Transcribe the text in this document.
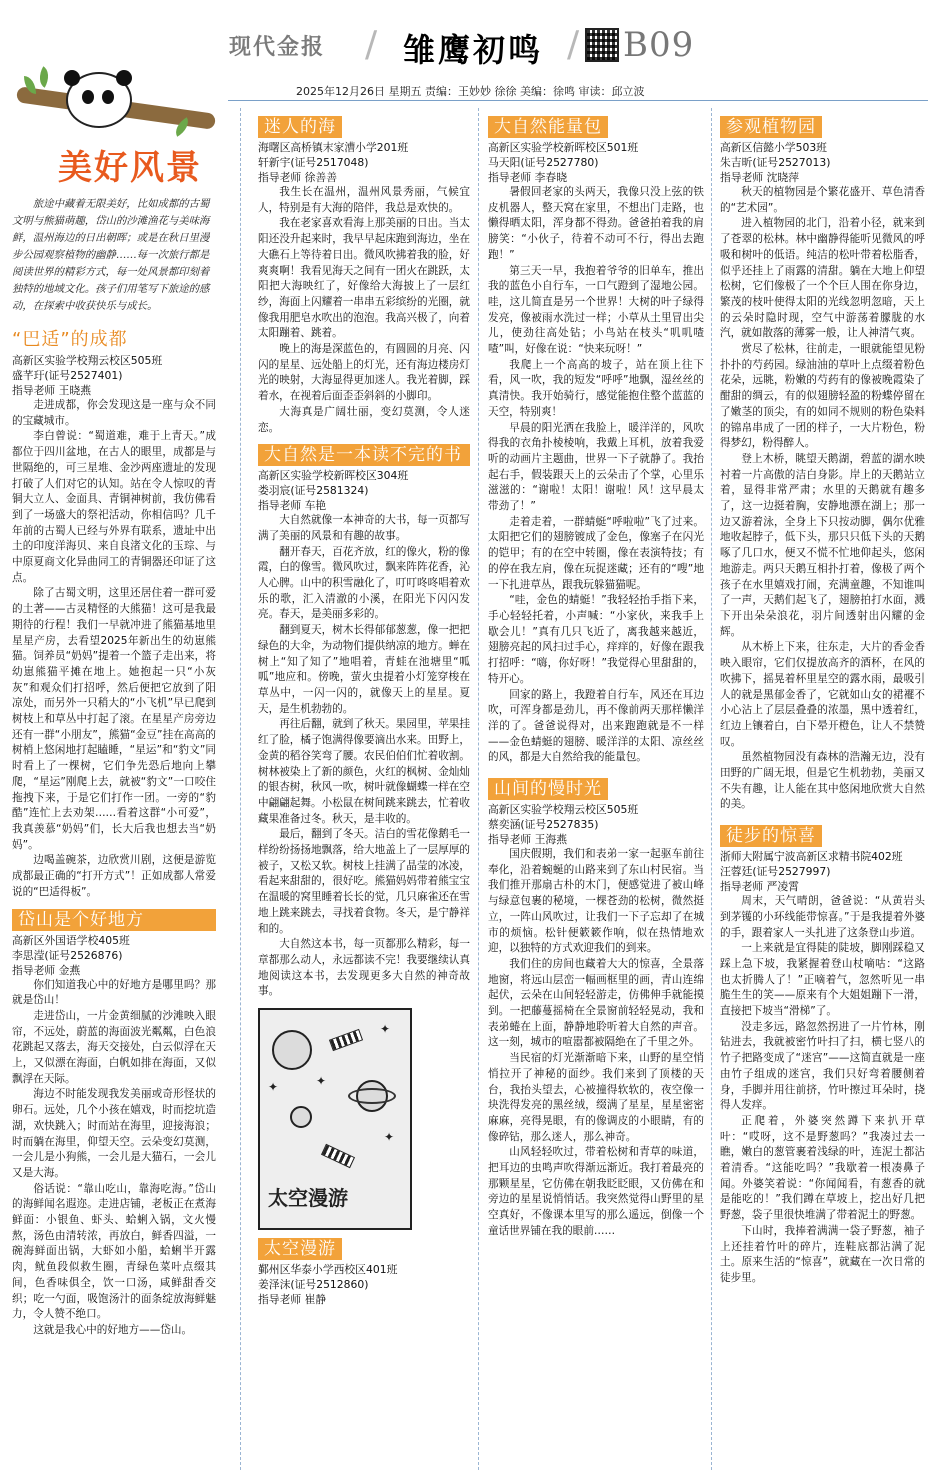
现代金报 / 雏鹰初鸣 / B09
2025年12月26日 星期五 责编：王妙妙 徐徐 美编：徐鸣 审读：邱立波
美好风景

旅途中藏着无限美好，比如成都的古蜀文明与熊猫萌趣，岱山的沙滩渔花与美味海鲜，温州海边的日出朝晖；或是在秋日里漫步公园观察植物的幽静……每一次旅行都是阅读世界的精彩方式，每一处风景都印刻着独特的地域文化。孩子们用笔写下旅途的感动，在探索中收获快乐与成长。

“巴适”的成都
高新区实验学校翔云校区505班
盛芊玗(证号2527401)
指导老师 王晓燕

走进成都，你会发现这是一座与众不同的宝藏城市。

李白曾说：“蜀道难，难于上青天。”成都位于四川盆地，在古人的眼里，成都是与世隔绝的，可三星堆、金沙两座遗址的发现打破了人们对它的认知。站在令人惊叹的青铜大立人、金面具、青铜神树前，我仿佛看到了一场盛大的祭祀活动，你相信吗？几千年前的古蜀人已经与外界有联系，遗址中出土的印度洋海贝、来自良渚文化的玉琮、与中原夏商文化异曲同工的青铜器还印证了这点。

除了古蜀文明，这里还居住着一群可爱的土著——古灵精怪的大熊猫！这可是我最期待的行程！我们一早就冲进了熊猫基地里星星产房，去看望2025年新出生的幼崽熊猫。饲养员“奶妈”提着一个篮子走出来，将幼崽熊猫平摊在地上。她抱起一只“小灰灰”和观众们打招呼，然后便把它放到了阳凉处，而另外一只稍大的“小飞机”早已爬到树枝上和草丛中打起了滚。在星星产房旁边还有一群“小朋友”，熊猫“金豆”挂在高高的树梢上悠闲地打起瞌睡，“星运”和“豹文”同时看上了一棵树，它们争先恐后地向上攀爬，“星运”刚爬上去，就被“豹文”一口咬住拖拽下来，于是它们打作一团。一旁的“豹酷”连忙上去劝架……看着这群“小可爱”，我真羡慕“奶妈”们，长大后我也想去当“奶妈”。

边喝盖碗茶，边欣赏川剧，这便是游览成都最正确的“打开方式”！正如成都人常爱说的“巴适得板”。

岱山是个好地方
高新区外国语学校405班
李思滢(证号2526876)
指导老师 金燕

你们知道我心中的好地方是哪里吗？那就是岱山！

走进岱山，一片金黄细腻的沙滩映入眼帘，不远处，蔚蓝的海面波光粼粼，白色浪花跳起又落去，海天交接处，白云似浮在天上，又似漂在海面，白帆如排在海面，又似飘浮在天际。

海边不时能发现我发美丽或奇形怪状的卵石。远处，几个小孩在嬉戏，时而挖坑造湖，欢快跳入；时而站在海里，迎接海浪；时而躺在海里，仰望天空。云朵变幻莫测，一会儿是小狗熊，一会儿是大猫石，一会儿又是大海。

俗话说：“靠山吃山，靠海吃海。”岱山的海鲜闻名遐迩。走进店铺，老板正在煮海鲜面：小银鱼、虾头、蛤蜊入锅，文火慢熬，汤色由清转浓，再放白，鲜香四溢，一碗海鲜面出锅，大虾如小船，蛤蜊半开露肉，鱿鱼段似救生圈，青绿色菜叶点缀其间，色香味俱全，饮一口汤，咸鲜甜香交织；吃一勺面，吸饱汤汁的面条绽放海鲜魅力，令人赞不绝口。

这就是我心中的好地方——岱山。

迷人的海
海曙区高桥镇末家漕小学201班
轩新宇(证号2517048)
指导老师 徐善善

我生长在温州，温州风景秀丽，气候宜人，特别是有大海的陪伴，我总是欢快的。

我在老家喜欢看海上那美丽的日出。当太阳还没升起来时，我早早起床跑到海边，坐在大礁石上等待着日出。微风吹拂着我的脸，好爽爽啊！我看见海天之间有一团火在跳跃，太阳把大海映红了，好像给大海披上了一层红纱，海面上闪耀着一串串五彩缤纷的光圈，就像我用肥皂水吹出的泡泡。我高兴极了，向着太阳蹦着、跳着。

晚上的海是深蓝色的，有圆圆的月亮、闪闪的星星、远处船上的灯光，还有海边楼房灯光的映射，大海显得更加迷人。我光着脚，踩着水，在视着后面歪歪斜斜的小脚印。

大海真是广阔壮丽，变幻莫测，令人迷恋。

大自然是一本读不完的书
高新区实验学校新晖校区304班
娄羽宸(证号2581324)
指导老师 车艳

大自然就像一本神奇的大书，每一页都写满了美丽的风景和有趣的故事。

翻开春天，百花齐放，红的像火，粉的像霞，白的像雪。微风吹过，飘来阵阵花香，沁人心脾。山中的积雪融化了，叮叮咚咚唱着欢乐的歌，汇入清澈的小溪，在阳光下闪闪发亮。春天，是美丽多彩的。

翻到夏天，树木长得郁郁葱葱，像一把把绿色的大伞，为动物们提供纳凉的地方。蝉在树上“知了知了”地唱着，青蛙在池塘里“呱呱”地应和。傍晚，萤火虫提着小灯笼穿梭在草丛中，一闪一闪的，就像天上的星星。夏天，是生机勃勃的。

再往后翻，就到了秋天。果园里，苹果挂红了脸，橘子饱满得像要滴出水来。田野上，金黄的稻谷笑弯了腰。农民伯伯们忙着收割。树林被染上了新的颜色，火红的枫树、金灿灿的银杏树，秋风一吹，树叶就像蝴蝶一样在空中翩翩起舞。小松鼠在树间跳来跳去，忙着收藏果准备过冬。秋天，是丰收的。

最后，翻到了冬天。洁白的雪花像鹅毛一样纷纷扬扬地飘落，给大地盖上了一层厚厚的被子，又松又软。树枝上挂满了晶莹的冰凌，看起来甜甜的，很好吃。熊猫妈妈带着熊宝宝在温暖的窝里睡着长长的觉，几只麻雀还在雪地上跳来跳去，寻找着食物。冬天，是宁静祥和的。

大自然这本书，每一页都那么精彩，每一章都那么动人，永远都读不完！我要继续认真地阅读这本书，去发现更多大自然的神奇故事。

✦
✦
✦
✦
太空漫游
太空漫游
鄞州区华泰小学西校区401班
姜泽沫(证号2512860)
指导老师 崔静
大自然能量包
高新区实验学校新晖校区501班
马天阳(证号2527780)
指导老师 李春晓

暑假回老家的头两天，我像只没上弦的铁皮机器人，整天窝在家里，不想出门走路，也懒得晒太阳，浑身都不得劲。爸爸拍着我的肩膀笑：“小伙子，待着不动可不行，得出去跑跑！”

第三天一早，我抱着爷爷的旧单车，推出我的蓝色小自行车，一口气蹬到了湿地公园。哇，这儿简直是另一个世界！大树的叶子绿得发亮，像被雨水洗过一样；小草从土里冒出尖儿，使劲往高处钻；小鸟站在枝头“叽叽喳喳”叫，好像在说：“快来玩呀！”

我爬上一个高高的坡子，站在顶上往下看，风一吹，我的短发“呼呼”地飘，湿丝丝的真清快。我开始骑行，感觉能抱住整个蓝蓝的天空，特别爽！

早晨的阳光洒在我脸上，暖洋洋的，风吹得我的衣角扑棱棱响，我戴上耳机，放着我爱听的动画片主题曲，世界一下子就静了。我抬起右手，假装跟天上的云朵击了个掌，心里乐滋滋的：“谢啦！太阳！谢啦！风！这早晨太带劲了！”

走着走着，一群蜻蜓“呼啦啦”飞了过来。太阳把它们的翅膀镀成了金色，像塞子在闪光的铠甲；有的在空中转圈，像在表演特技；有的停在我左肩，像在玩捉迷藏；还有的“嗖”地一下扎进草丛，跟我玩躲猫猫呢。

“哇，金色的蜻蜓！”我轻轻抬手指下来，手心轻轻托着，小声喊：“小家伙，来我手上歇会儿！”真有几只飞近了，离我越来越近，翅膀亮起的风扫过手心，痒痒的，好像在跟我打招呼：“嗨，你好呀！”我觉得心里甜甜的，特开心。

回家的路上，我蹬着自行车，风还在耳边吹，可浑身都是劲儿，再不像前两天那样懒洋洋的了。爸爸说得对，出来跑跑就是不一样——金色蜻蜓的翅膀、暖洋洋的太阳、凉丝丝的风，都是大自然给我的能量包。

山间的慢时光
高新区实验学校翔云校区505班
蔡奕涵(证号2527835)
指导老师 王海燕

国庆假期，我们和表弟一家一起驱车前往奉化，沿着蜿蜒的山路来到了东山村民宿。当我们推开那扇古朴的木门，便感觉进了被山峰与绿意包裹的秘境，一棵苍劲的松树，微然挺立，一阵山风吹过，让我们一下子忘却了在城市的烦恼。松针便簌簌作响，似在热情地欢迎，以独特的方式欢迎我们的到来。

我们住的房间也藏着大大的惊喜，全景落地窗，将远山层峦一幅画框里的画，青山连绵起伏，云朵在山间轻轻游走，仿佛伸手就能摸到。一把藤蔓摇椅在全景窗前轻轻晃动，我和表弟蜷在上面，静静地聆听着大自然的声音。这一刻，城市的喧嚣都被隔绝在了千里之外。

当民宿的灯光渐渐暗下来，山野的星空悄悄拉开了神秘的面纱。我们来到了顶楼的天台，我抬头望去，心被撞得软软的，夜空像一块洗得发亮的黑丝绒，缀满了星星，星星密密麻麻，亮得晃眼，有的像调皮的小眼睛，有的像碎钻，那么迷人，那么神奇。

山风轻轻吹过，带着松树和青草的味道，把耳边的虫鸣声吹得渐远渐近。我打着最亮的那颗星星，它仿佛在朝我眨眨眼，又仿佛在和旁边的星星说悄悄话。我突然觉得山野里的星空真好，不像课本里写的那么遥远，倒像一个童话世界铺在我的眼前……

参观植物园
高新区信懿小学503班
朱吉昕(证号2527013)
指导老师 沈晓萍

秋天的植物园是个繁花盛开、草色清香的“艺术园”。

进入植物园的北门，沿着小径，就来到了苍翠的松林。林中幽静得能听见微风的呼吸和树叶的低语。纯洁的松叶带着松脂香，似乎还挂上了雨露的清甜。躺在大地上仰望松树，它们像极了一个个巨人围在你身边，繁茂的枝叶使得太阳的光线忽明忽暗，天上的云朵时隐时现，空气中游荡着朦胧的水汽，就如散落的薄雾一般，让人神清气爽。

赏尽了松林，往前走，一眼就能望见粉扑扑的芍药园。绿油油的草叶上点缀着粉色花朵，远眺，粉嫩的芍药有的像被晚霞染了酣甜的绸云，有的似翅膀轻盈的粉蝶停留在了嫩茎的顶尖，有的如同不规则的粉色染料的锦帛串成了一团的样子，一大片粉色，粉得梦幻，粉得醉人。

登上木桥，眺望天鹅湖，碧蓝的湖水映衬着一片高傲的洁白身影。岸上的天鹅站立着，显得非常严肃；水里的天鹅就有趣多了，这一边挺着胸，安静地漂在湖上；那一边又游着泳，全身上下只按动脚，偶尔优雅地收起脖子，低下头，那只只低下头的天鹅啄了几口水，便又不慌不忙地仰起头，悠闲地游走。两只天鹅互相扑打着，像极了两个孩子在水里嬉戏打闹，充满童趣，不知谁叫了一声，天鹅们起飞了，翅膀拍打水面，溅下开出朵朵浪花，羽片间透射出闪耀的金辉。

从木桥上下来，往东走，大片的香金香映入眼帘，它们仅提放高齐的酒杯，在风的吹拂下，摇晃着杯里星空的露水雨，最吸引人的就是黑郁金香了，它就如山女的裙襬不小心沾上了层层叠叠的浓墨，黑中透着红，红边上镶着白，白下晕开橙色，让人不禁赞叹。

虽然植物园没有森林的浩瀚无边，没有田野的广阔无垠，但是它生机勃勃，美丽又不失有趣，让人能在其中悠闲地欣赏大自然的美。

徒步的惊喜
浙师大附属宁波高新区求精书院402班
汪蓉廷(证号2527997)
指导老师 严凌霄

周末，天气晴朗，爸爸说：“从黄岩头到茅镬的小环线能带惊喜。”于是我提着外婆的手，跟着家人一头扎进了这条登山步道。

一上来就是宜得陡的陡坡，脚刚踩稳又踩上急下坡，我紧握着登山杖嘀咕：“这路也太折腾人了！”正嘀着气，忽然听见一串脆生生的笑——原来有个大姐姐蹦下一滑，直接把下坡当“滑梯”了。

没走多远，路忽然拐进了一片竹林，刚钻进去，我就被密竹叶扫了扫，横七竖八的竹子把路变成了“迷宫”——这简直就是一座由竹子组成的迷宫，我们只好弯着腰侧着身，手脚并用往前挤，竹叶擦过耳朵时，挠得人发痒。

正爬着，外婆突然蹲下来扒开草叶：“哎呀，这不是野葱吗？”我凑过去一瞧，嫩白的葱管裹着浅绿的叶，连泥土都沾着清香。“这能吃吗？”我歇着一根凑鼻子闻。外婆笑着说：“你闻闻看，有葱香的就是能吃的！”我们蹲在草坡上，挖出好几把野葱，袋子里很快堆满了带着泥土的野葱。

下山时，我捧着满满一袋子野葱，袖子上还挂着竹叶的碎片，连鞋底都沾满了泥土。原来生活的“惊喜”，就藏在一次日常的徒步里。
